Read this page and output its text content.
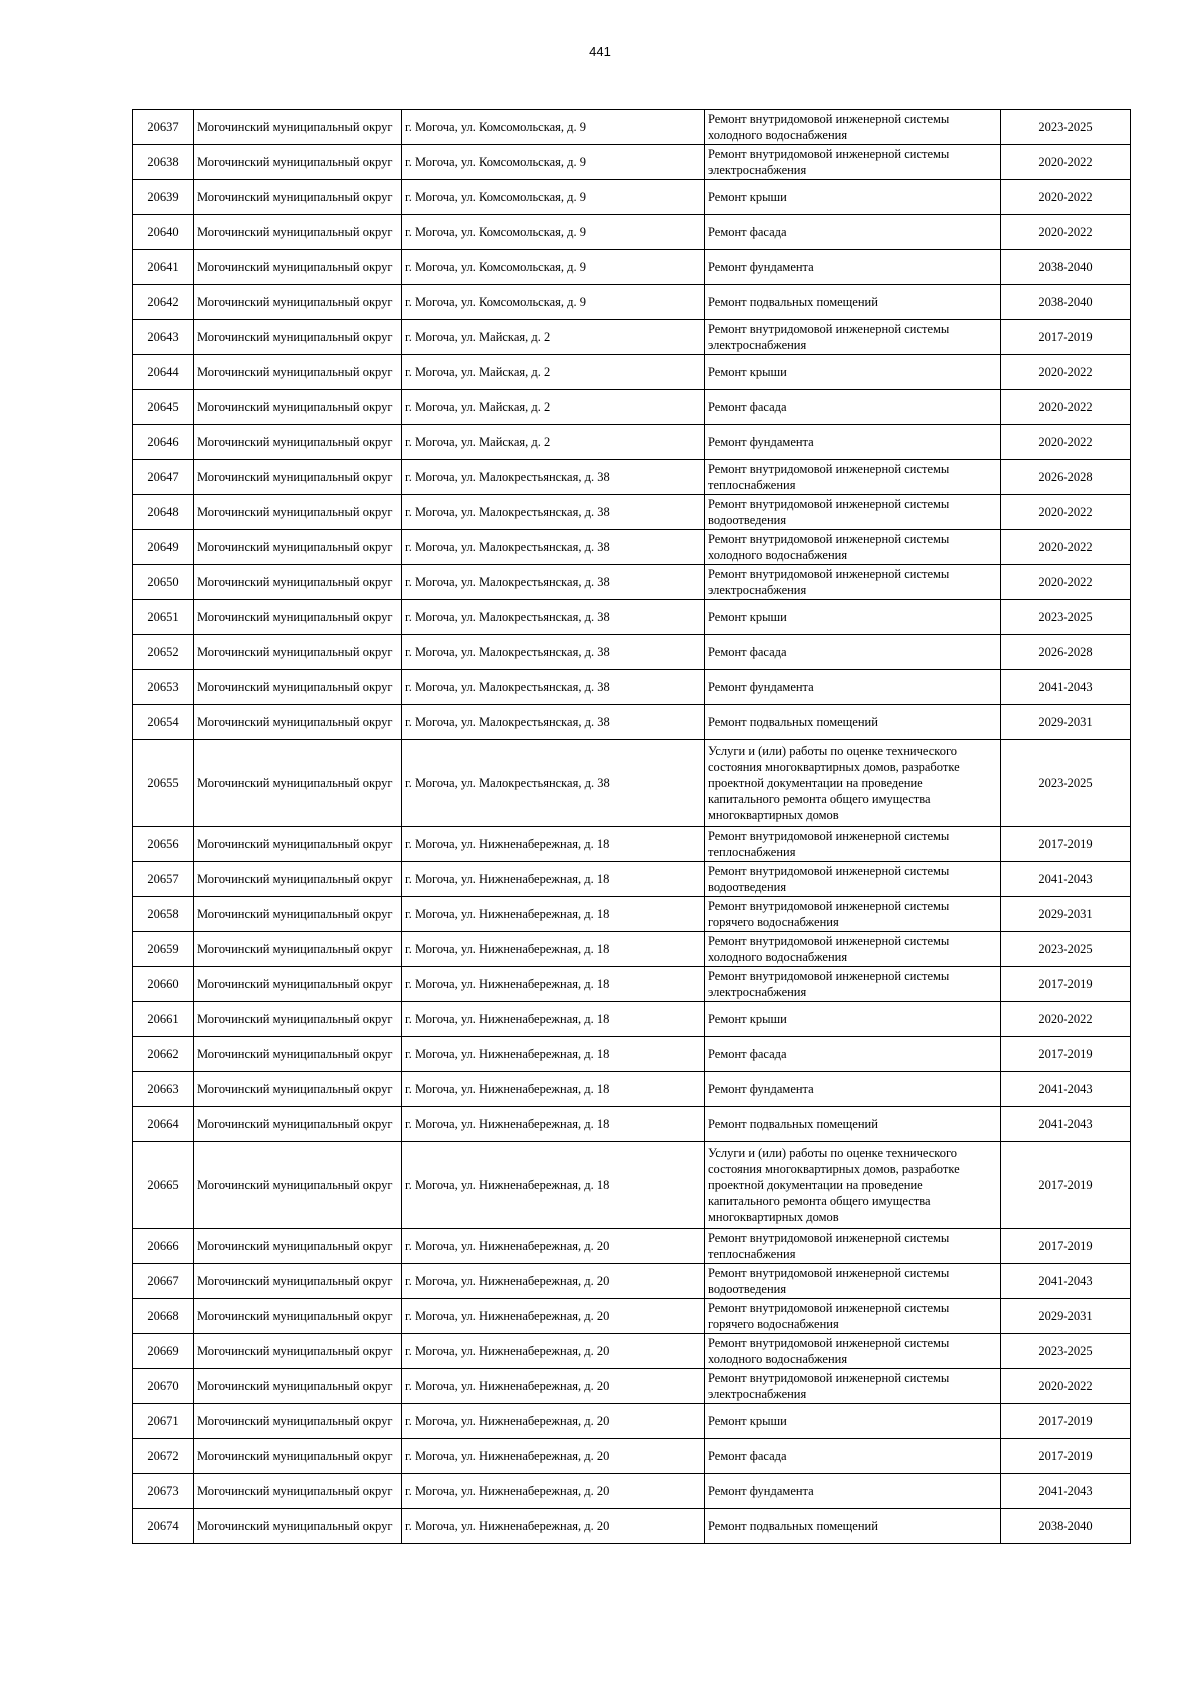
441
20637	Могочинский муниципальный округ	г. Могоча, ул. Комсомольская, д. 9	Ремонт внутридомовой инженерной системы холодного водоснабжения	2023-2025
20638	Могочинский муниципальный округ	г. Могоча, ул. Комсомольская, д. 9	Ремонт внутридомовой инженерной системы электроснабжения	2020-2022
20639	Могочинский муниципальный округ	г. Могоча, ул. Комсомольская, д. 9	Ремонт крыши	2020-2022
20640	Могочинский муниципальный округ	г. Могоча, ул. Комсомольская, д. 9	Ремонт фасада	2020-2022
20641	Могочинский муниципальный округ	г. Могоча, ул. Комсомольская, д. 9	Ремонт фундамента	2038-2040
20642	Могочинский муниципальный округ	г. Могоча, ул. Комсомольская, д. 9	Ремонт подвальных помещений	2038-2040
20643	Могочинский муниципальный округ	г. Могоча, ул. Майская, д. 2	Ремонт внутридомовой инженерной системы электроснабжения	2017-2019
20644	Могочинский муниципальный округ	г. Могоча, ул. Майская, д. 2	Ремонт крыши	2020-2022
20645	Могочинский муниципальный округ	г. Могоча, ул. Майская, д. 2	Ремонт фасада	2020-2022
20646	Могочинский муниципальный округ	г. Могоча, ул. Майская, д. 2	Ремонт фундамента	2020-2022
20647	Могочинский муниципальный округ	г. Могоча, ул. Малокрестьянская, д. 38	Ремонт внутридомовой инженерной системы теплоснабжения	2026-2028
20648	Могочинский муниципальный округ	г. Могоча, ул. Малокрестьянская, д. 38	Ремонт внутридомовой инженерной системы водоотведения	2020-2022
20649	Могочинский муниципальный округ	г. Могоча, ул. Малокрестьянская, д. 38	Ремонт внутридомовой инженерной системы холодного водоснабжения	2020-2022
20650	Могочинский муниципальный округ	г. Могоча, ул. Малокрестьянская, д. 38	Ремонт внутридомовой инженерной системы электроснабжения	2020-2022
20651	Могочинский муниципальный округ	г. Могоча, ул. Малокрестьянская, д. 38	Ремонт крыши	2023-2025
20652	Могочинский муниципальный округ	г. Могоча, ул. Малокрестьянская, д. 38	Ремонт фасада	2026-2028
20653	Могочинский муниципальный округ	г. Могоча, ул. Малокрестьянская, д. 38	Ремонт фундамента	2041-2043
20654	Могочинский муниципальный округ	г. Могоча, ул. Малокрестьянская, д. 38	Ремонт подвальных помещений	2029-2031
20655	Могочинский муниципальный округ	г. Могоча, ул. Малокрестьянская, д. 38	Услуги и (или) работы по оценке технического состояния многоквартирных домов, разработке проектной документации на проведение капитального ремонта общего имущества многоквартирных домов	2023-2025
20656	Могочинский муниципальный округ	г. Могоча, ул. Нижненабережная, д. 18	Ремонт внутридомовой инженерной системы теплоснабжения	2017-2019
20657	Могочинский муниципальный округ	г. Могоча, ул. Нижненабережная, д. 18	Ремонт внутридомовой инженерной системы водоотведения	2041-2043
20658	Могочинский муниципальный округ	г. Могоча, ул. Нижненабережная, д. 18	Ремонт внутридомовой инженерной системы горячего водоснабжения	2029-2031
20659	Могочинский муниципальный округ	г. Могоча, ул. Нижненабережная, д. 18	Ремонт внутридомовой инженерной системы холодного водоснабжения	2023-2025
20660	Могочинский муниципальный округ	г. Могоча, ул. Нижненабережная, д. 18	Ремонт внутридомовой инженерной системы электроснабжения	2017-2019
20661	Могочинский муниципальный округ	г. Могоча, ул. Нижненабережная, д. 18	Ремонт крыши	2020-2022
20662	Могочинский муниципальный округ	г. Могоча, ул. Нижненабережная, д. 18	Ремонт фасада	2017-2019
20663	Могочинский муниципальный округ	г. Могоча, ул. Нижненабережная, д. 18	Ремонт фундамента	2041-2043
20664	Могочинский муниципальный округ	г. Могоча, ул. Нижненабережная, д. 18	Ремонт подвальных помещений	2041-2043
20665	Могочинский муниципальный округ	г. Могоча, ул. Нижненабережная, д. 18	Услуги и (или) работы по оценке технического состояния многоквартирных домов, разработке проектной документации на проведение капитального ремонта общего имущества многоквартирных домов	2017-2019
20666	Могочинский муниципальный округ	г. Могоча, ул. Нижненабережная, д. 20	Ремонт внутридомовой инженерной системы теплоснабжения	2017-2019
20667	Могочинский муниципальный округ	г. Могоча, ул. Нижненабережная, д. 20	Ремонт внутридомовой инженерной системы водоотведения	2041-2043
20668	Могочинский муниципальный округ	г. Могоча, ул. Нижненабережная, д. 20	Ремонт внутридомовой инженерной системы горячего водоснабжения	2029-2031
20669	Могочинский муниципальный округ	г. Могоча, ул. Нижненабережная, д. 20	Ремонт внутридомовой инженерной системы холодного водоснабжения	2023-2025
20670	Могочинский муниципальный округ	г. Могоча, ул. Нижненабережная, д. 20	Ремонт внутридомовой инженерной системы электроснабжения	2020-2022
20671	Могочинский муниципальный округ	г. Могоча, ул. Нижненабережная, д. 20	Ремонт крыши	2017-2019
20672	Могочинский муниципальный округ	г. Могоча, ул. Нижненабережная, д. 20	Ремонт фасада	2017-2019
20673	Могочинский муниципальный округ	г. Могоча, ул. Нижненабережная, д. 20	Ремонт фундамента	2041-2043
20674	Могочинский муниципальный округ	г. Могоча, ул. Нижненабережная, д. 20	Ремонт подвальных помещений	2038-2040
